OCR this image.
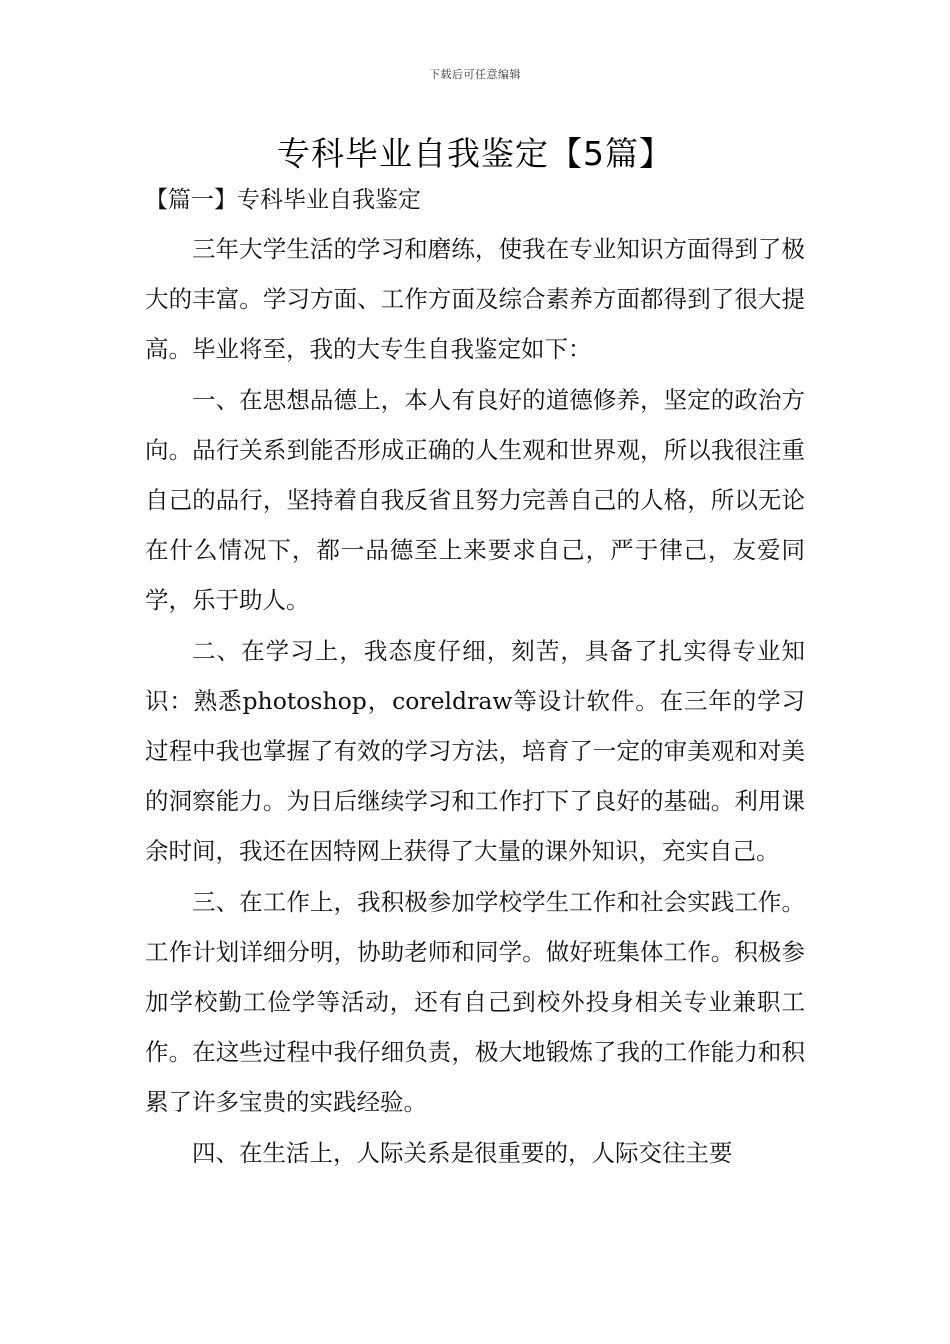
下载后可任意编辑
专科毕业自我鉴定【5篇】
【篇一】专科毕业自我鉴定

三年大学生活的学习和磨练，使我在专业知识方面得到了极大的丰富。学习方面、工作方面及综合素养方面都得到了很大提高。毕业将至，我的大专生自我鉴定如下：

一、在思想品德上，本人有良好的道德修养，坚定的政治方向。品行关系到能否形成正确的人生观和世界观，所以我很注重自己的品行，坚持着自我反省且努力完善自己的人格，所以无论在什么情况下，都一品德至上来要求自己，严于律己，友爱同学，乐于助人。

二、在学习上，我态度仔细，刻苦，具备了扎实得专业知识：熟悉photoshop，coreldraw等设计软件。在三年的学习过程中我也掌握了有效的学习方法，培育了一定的审美观和对美的洞察能力。为日后继续学习和工作打下了良好的基础。利用课余时间，我还在因特网上获得了大量的课外知识，充实自己。

三、在工作上，我积极参加学校学生工作和社会实践工作。工作计划详细分明，协助老师和同学。做好班集体工作。积极参加学校勤工俭学等活动，还有自己到校外投身相关专业兼职工作。在这些过程中我仔细负责，极大地锻炼了我的工作能力和积累了许多宝贵的实践经验。

四、在生活上，人际关系是很重要的，人际交往主要
